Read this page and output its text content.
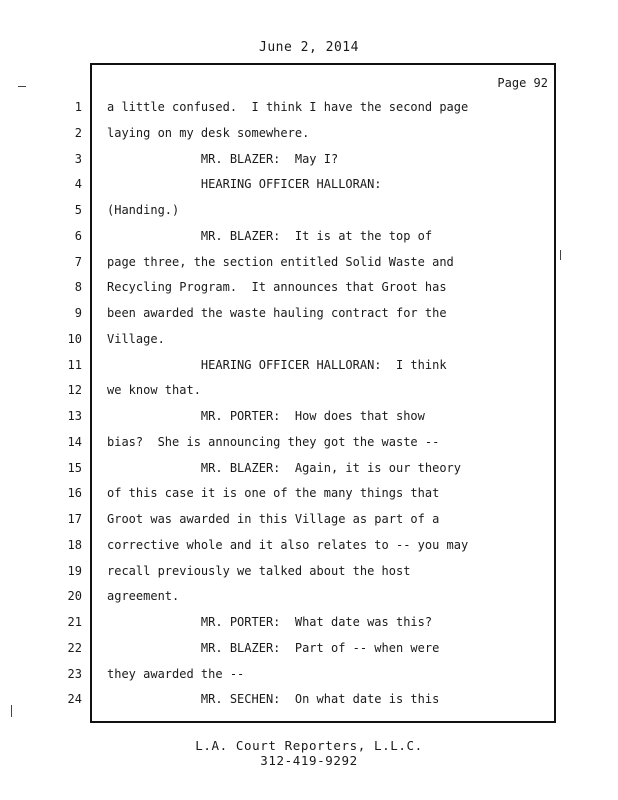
June 2, 2014
Page 92
1 a little confused.  I think I have the second page
2 laying on my desk somewhere.
3 MR. BLAZER:  May I?
4 HEARING OFFICER HALLORAN:
5 (Handing.)
6 MR. BLAZER:  It is at the top of
7 page three, the section entitled Solid Waste and
8 Recycling Program.  It announces that Groot has
9 been awarded the waste hauling contract for the
10 Village.
11 HEARING OFFICER HALLORAN:  I think
12 we know that.
13 MR. PORTER:  How does that show
14 bias?  She is announcing they got the waste --
15 MR. BLAZER:  Again, it is our theory
16 of this case it is one of the many things that
17 Groot was awarded in this Village as part of a
18 corrective whole and it also relates to -- you may
19 recall previously we talked about the host
20 agreement.
21 MR. PORTER:  What date was this?
22 MR. BLAZER:  Part of -- when were
23 they awarded the --
24 MR. SECHEN:  On what date is this
L.A. Court Reporters, L.L.C.
312-419-9292
